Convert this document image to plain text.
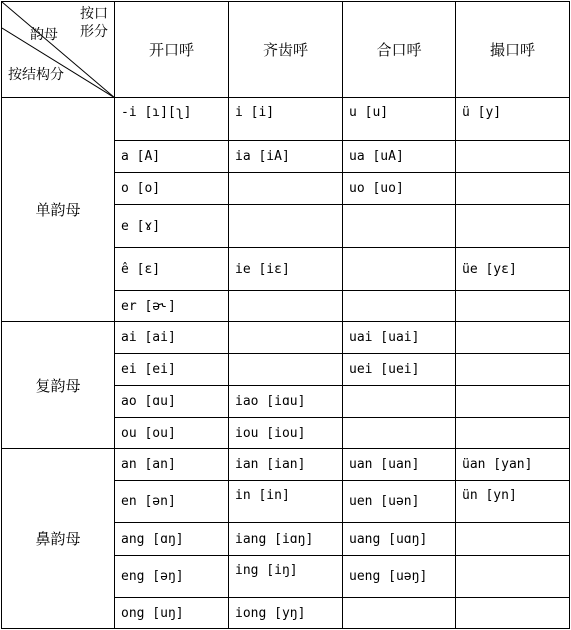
按口形分
韵母
按结构分	开口呼	齐齿呼	合口呼	撮口呼
单韵母	-i [ɿ][ʅ]	i [i]	u [u]	ü [y]
	a [A]	ia [iA]	ua [uA]	
	o [o]		uo [uo]	
	e [ɤ]			
	ê [ɛ]	ie [iɛ]		üe [yɛ]
	er [ə˞]			
复韵母	ai [ai]		uai [uai]	
	ei [ei]		uei [uei]	
	ao [ɑu]	iao [iɑu]		
	ou [ou]	iou [iou]		
鼻韵母	an [an]	ian [ian]	uan [uan]	üan [yan]
	en [ən]	in [in]	uen [uən]	ün [yn]
	ang [ɑŋ]	iang [iɑŋ]	uang [uɑŋ]	
	eng [əŋ]	ing [iŋ]	ueng [uəŋ]	
	ong [uŋ]	iong [yŋ]		
